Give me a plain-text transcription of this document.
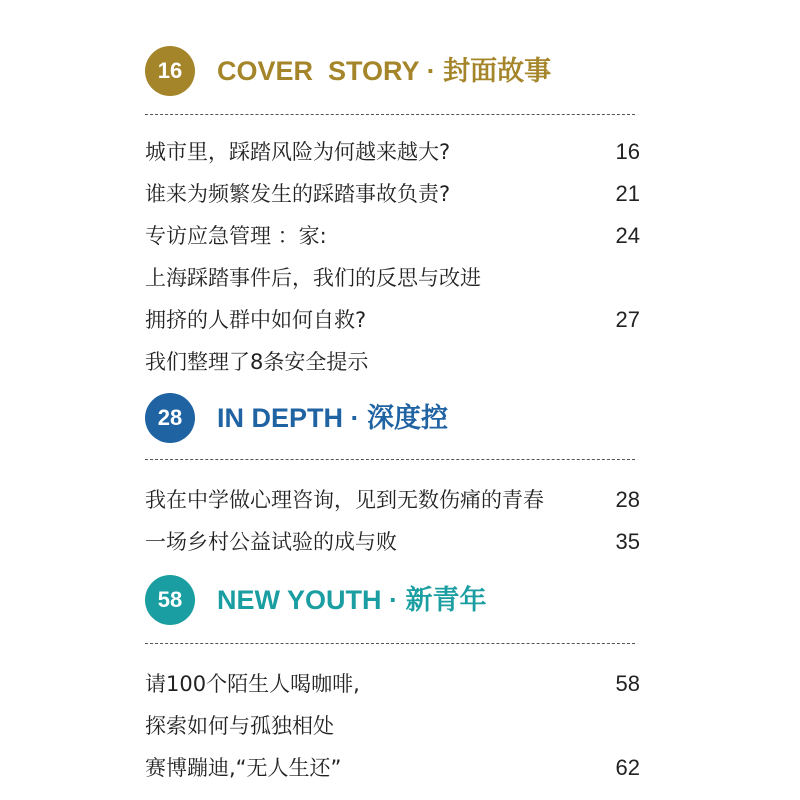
16	COVER  STORY · 封面故事
城市里，踩踏风险为何越来越大?	16
谁来为频繁发生的踩踏事故负责?	21
专访应急管理 ：家:	24
上海踩踏事件后，我们的反思与改进
拥挤的人群中如何自救?	27
我们整理了8条安全提示
28	IN DEPTH · 深度控
我在中学做心理咨询，见到无数伤痛的青春	28
一场乡村公益试验的成与败	35
58	NEW YOUTH · 新青年
请100个陌生人喝咖啡,	58
探索如何与孤独相处
赛博蹦迪,“无人生还”	62
